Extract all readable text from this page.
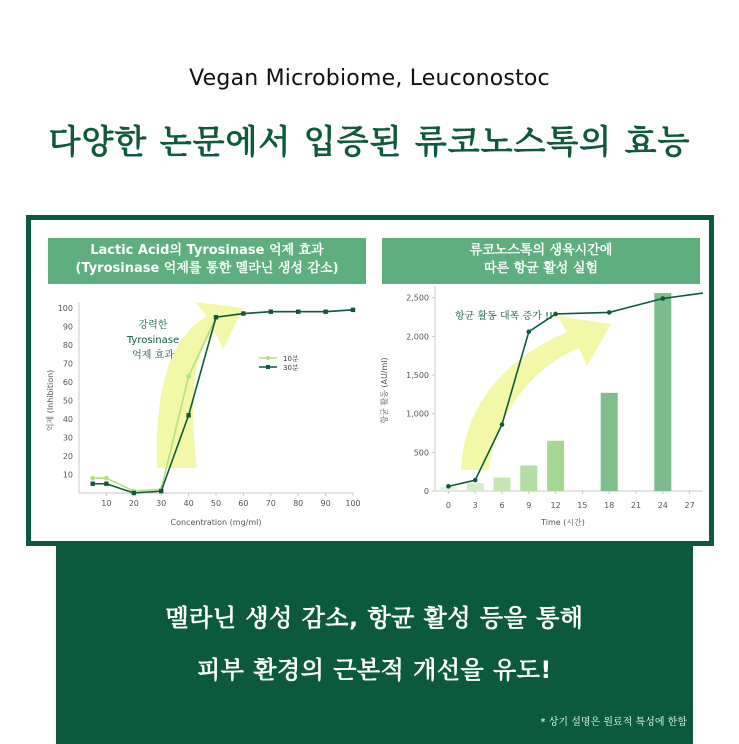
Vegan Microbiome, Leuconostoc
다양한 논문에서 입증된 류코노스톡의 효능
멜라닌 생성 감소, 항균 활성 등을 통해
피부 환경의 근본적 개선을 유도!
* 상기 설명은 원료적 특성에 한함
Lactic Acid의 Tyrosinase 억제 효과
(Tyrosinase 억제를 통한 멜라닌 생성 감소)
류코노스톡의 생육시간에
따른 항균 활성 실험
10
20
30
40
50
60
70
80
90
100
10 20 30 40 50 60 70 80 90 100
Concentration (mg/ml)
억제 (Inhibition)
강력한
Tyrosinase
억제 효과	10분
30분
0
500
1,000
1,500
2,000
2,500
0	3	6	9 12 15 18 21 24 27
Time (시간)
항균 활동 (AU/ml)
항균 활동 대폭 증가 !!
